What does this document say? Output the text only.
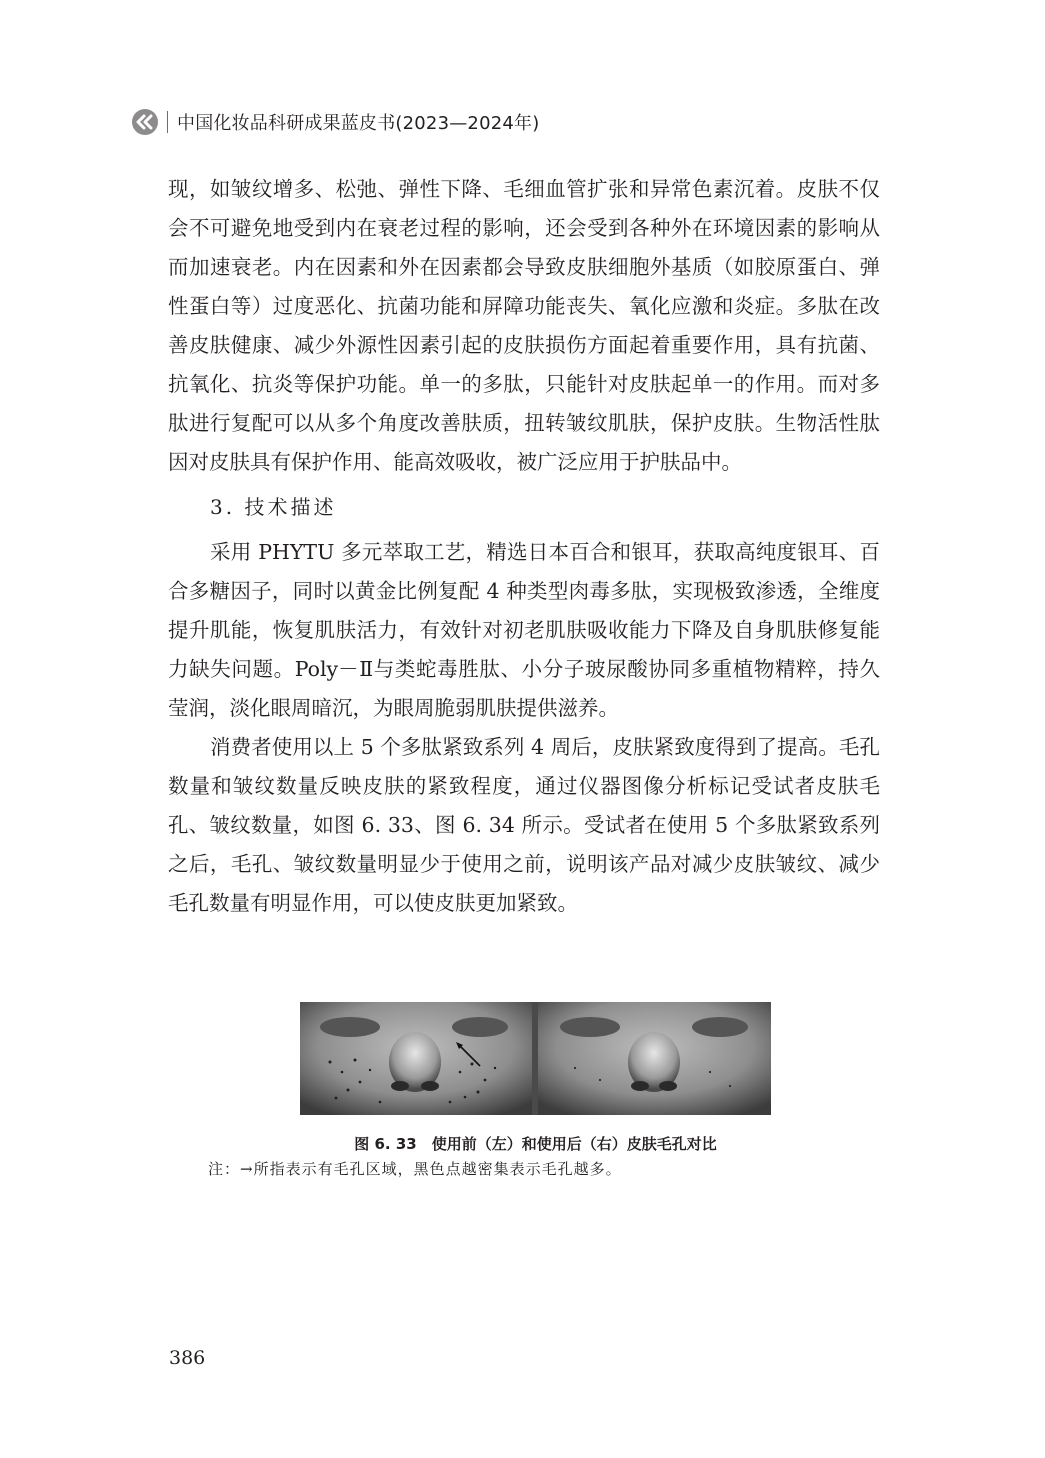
中国化妆品科研成果蓝皮书(2023—2024年)

现，如皱纹增多、松弛、弹性下降、毛细血管扩张和异常色素沉着。皮肤不仅会不可避免地受到内在衰老过程的影响，还会受到各种外在环境因素的影响从而加速衰老。内在因素和外在因素都会导致皮肤细胞外基质（如胶原蛋白、弹性蛋白等）过度恶化、抗菌功能和屏障功能丧失、氧化应激和炎症。多肽在改善皮肤健康、减少外源性因素引起的皮肤损伤方面起着重要作用，具有抗菌、抗氧化、抗炎等保护功能。单一的多肽，只能针对皮肤起单一的作用。而对多肽进行复配可以从多个角度改善肤质，扭转皱纹肌肤，保护皮肤。生物活性肽因对皮肤具有保护作用、能高效吸收，被广泛应用于护肤品中。

3. 技术描述

采用 PHYTU 多元萃取工艺，精选日本百合和银耳，获取高纯度银耳、百合多糖因子，同时以黄金比例复配 4 种类型肉毒多肽，实现极致渗透，全维度提升肌能，恢复肌肤活力，有效针对初老肌肤吸收能力下降及自身肌肤修复能力缺失问题。Poly－Ⅱ与类蛇毒胜肽、小分子玻尿酸协同多重植物精粹，持久莹润，淡化眼周暗沉，为眼周脆弱肌肤提供滋养。

消费者使用以上 5 个多肽紧致系列 4 周后，皮肤紧致度得到了提高。毛孔数量和皱纹数量反映皮肤的紧致程度，通过仪器图像分析标记受试者皮肤毛孔、皱纹数量，如图 6. 33、图 6. 34 所示。受试者在使用 5 个多肽紧致系列之后，毛孔、皱纹数量明显少于使用之前，说明该产品对减少皮肤皱纹、减少毛孔数量有明显作用，可以使皮肤更加紧致。

图 6. 33　使用前（左）和使用后（右）皮肤毛孔对比
注：→所指表示有毛孔区域，黑色点越密集表示毛孔越多。
386
